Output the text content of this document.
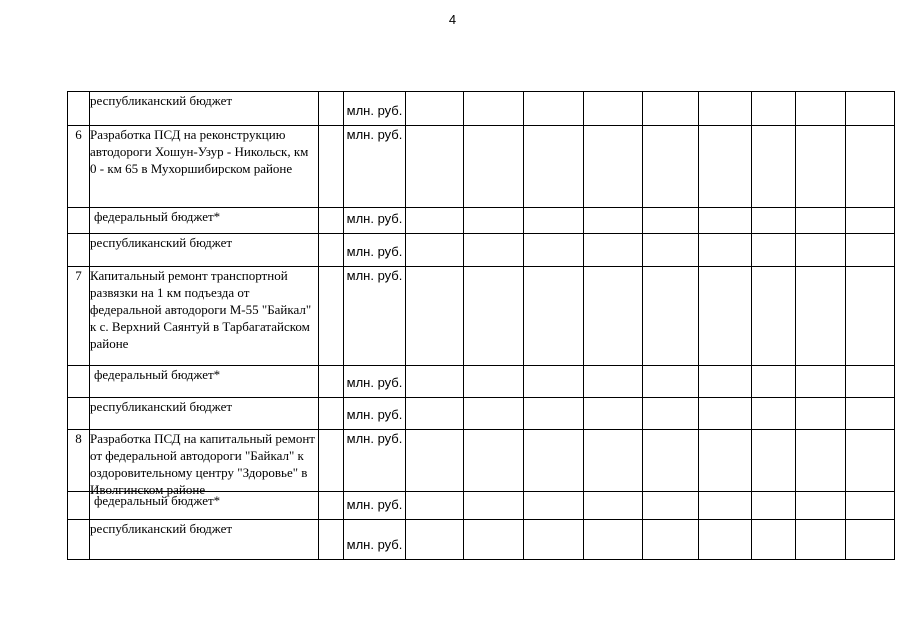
4
	республиканский бюджет		млн. руб.									
6	Разработка ПСД на реконструкцию автодороги Хошун-Узур - Никольск, км 0 - км 65 в Мухоршибирском районе		млн. руб.									
	федеральный бюджет*		млн. руб.									
	республиканский бюджет		млн. руб.									
7	Капитальный ремонт транспортной развязки на 1 км подъезда от федеральной автодороги М-55 "Байкал" к с. Верхний Саянтуй в Тарбагатайском районе		млн. руб.									
	федеральный бюджет*		млн. руб.									
	республиканский бюджет		млн. руб.									
8	Разработка ПСД на капитальный ремонт от федеральной автодороги "Байкал" к оздоровительному центру "Здоровье" в Иволгинском районе		млн. руб.									
	федеральный бюджет*		млн. руб.									
	республиканский бюджет		млн. руб.									
